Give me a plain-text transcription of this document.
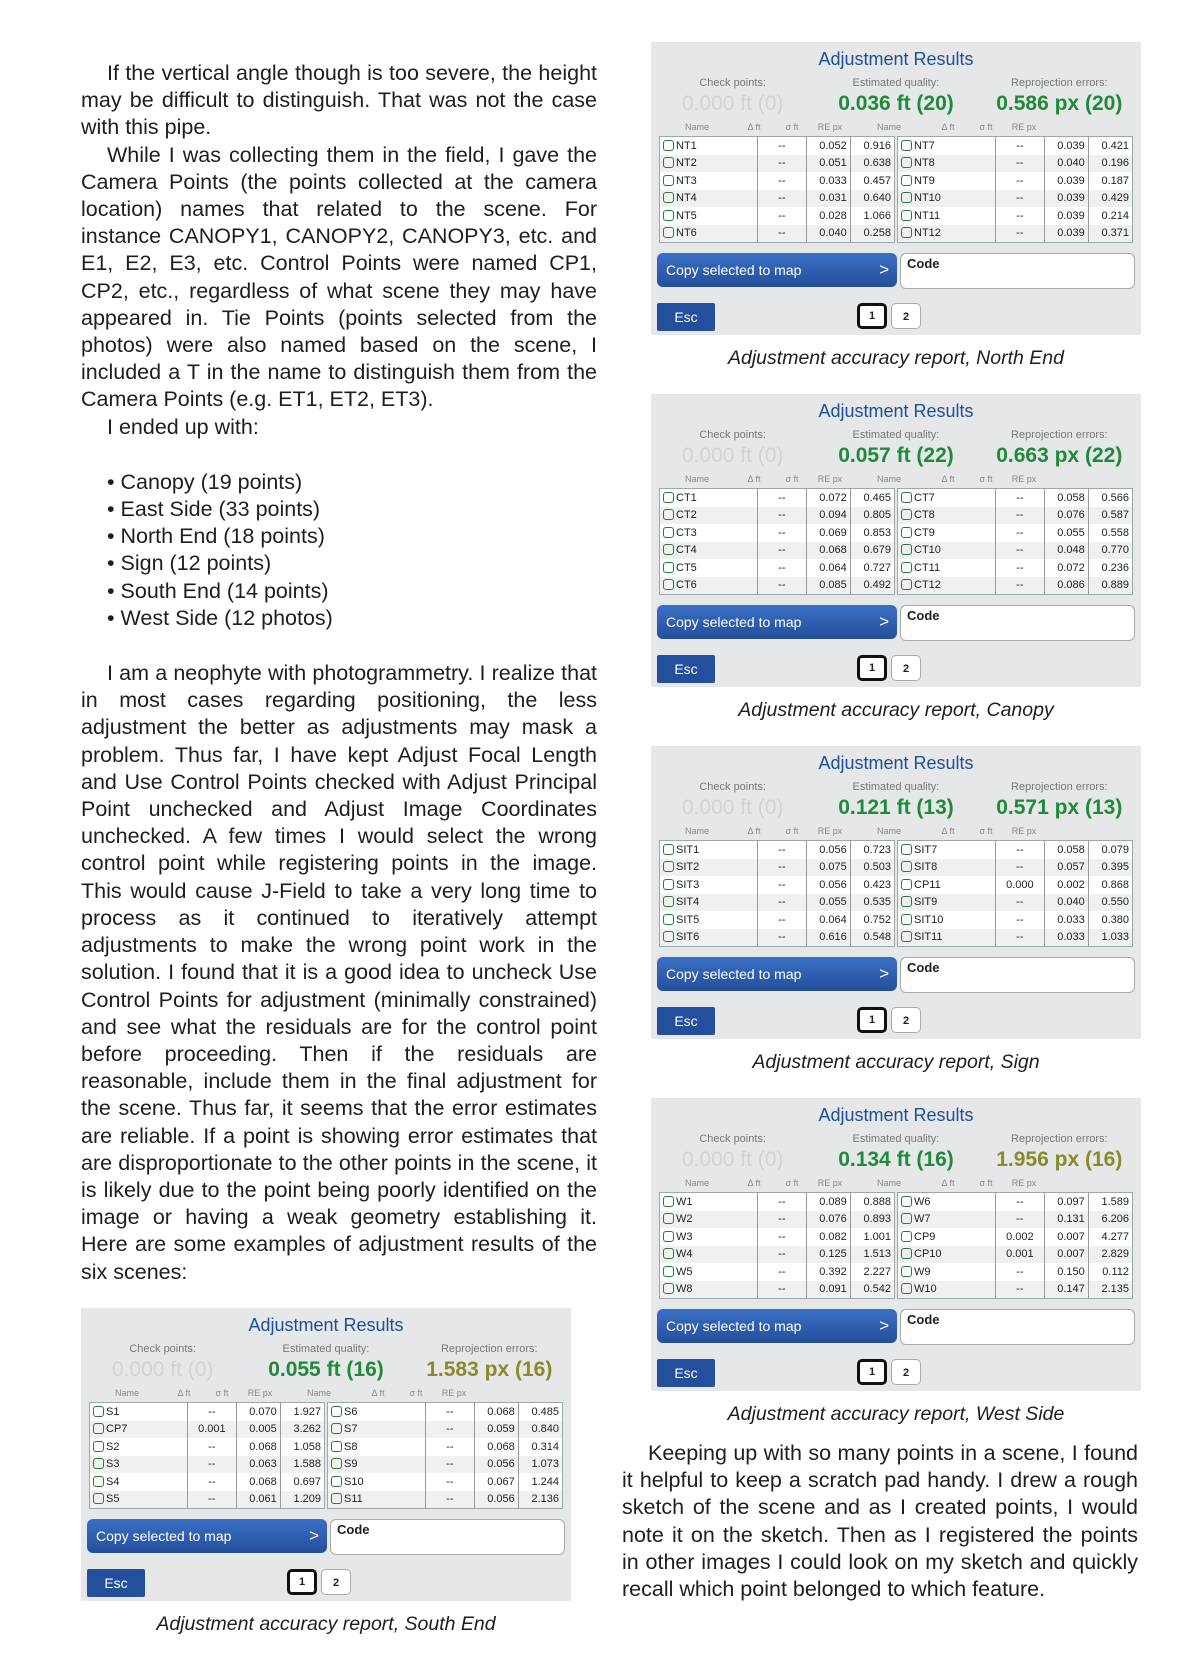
If the vertical angle though is too severe, the height may be difficult to distinguish. That was not the case with this pipe.

While I was collecting them in the field, I gave the Camera Points (the points collected at the camera location) names that related to the scene. For instance CANOPY1, CANOPY2, CANOPY3, etc. and E1, E2, E3, etc. Control Points were named CP1, CP2, etc., regardless of what scene they may have appeared in. Tie Points (points selected from the photos) were also named based on the scene, I included a T in the name to distinguish them from the Camera Points (e.g. ET1, ET2, ET3).

I ended up with:

• Canopy (19 points)
• East Side (33 points)
• North End (18 points)
• Sign (12 points)
• South End (14 points)
• West Side (12 photos)

I am a neophyte with photogrammetry. I realize that in most cases regarding positioning, the less adjustment the better as adjustments may mask a problem. Thus far, I have kept Adjust Focal Length and Use Control Points checked with Adjust Principal Point unchecked and Adjust Image Coordinates unchecked. A few times I would select the wrong control point while registering points in the image. This would cause J-Field to take a very long time to process as it continued to iteratively attempt adjustments to make the wrong point work in the solution. I found that it is a good idea to uncheck Use Control Points for adjustment (minimally constrained) and see what the residuals are for the control point before proceeding. Then if the residuals are reasonable, include them in the final adjustment for the scene. Thus far, it seems that the error estimates are reliable. If a point is showing error estimates that are disproportionate to the other points in the scene, it is likely due to the point being poorly identified on the image or having a weak geometry establishing it. Here are some examples of adjustment results of the six scenes:

Adjustment Results
Check points:
0.000 ft (0)
Estimated quality:
0.036 ft (20)
Reprojection errors:
0.586 px (20)
Name	Δ ft	σ ft	RE px	Name	Δ ft	σ ft	RE px
NT1	--	0.052	0.916
NT2	--	0.051	0.638
NT3	--	0.033	0.457
NT4	--	0.031	0.640
NT5	--	0.028	1.066
NT6	--	0.040	0.258
NT7	--	0.039	0.421
NT8	--	0.040	0.196
NT9	--	0.039	0.187
NT10	--	0.039	0.429
NT11	--	0.039	0.214
NT12	--	0.039	0.371
Copy selected to map	>	Code
Esc	1	2
Adjustment accuracy report, North End
Adjustment Results
Check points:
0.000 ft (0)
Estimated quality:
0.057 ft (22)
Reprojection errors:
0.663 px (22)
Name	Δ ft	σ ft	RE px	Name	Δ ft	σ ft	RE px
CT1	--	0.072	0.465
CT2	--	0.094	0.805
CT3	--	0.069	0.853
CT4	--	0.068	0.679
CT5	--	0.064	0.727
CT6	--	0.085	0.492
CT7	--	0.058	0.566
CT8	--	0.076	0.587
CT9	--	0.055	0.558
CT10	--	0.048	0.770
CT11	--	0.072	0.236
CT12	--	0.086	0.889
Copy selected to map	>	Code
Esc	1	2
Adjustment accuracy report, Canopy
Adjustment Results
Check points:
0.000 ft (0)
Estimated quality:
0.121 ft (13)
Reprojection errors:
0.571 px (13)
Name	Δ ft	σ ft	RE px	Name	Δ ft	σ ft	RE px
SIT1	--	0.056	0.723
SIT2	--	0.075	0.503
SIT3	--	0.056	0.423
SIT4	--	0.055	0.535
SIT5	--	0.064	0.752
SIT6	--	0.616	0.548
SIT7	--	0.058	0.079
SIT8	--	0.057	0.395
CP11	0.000	0.002	0.868
SIT9	--	0.040	0.550
SIT10	--	0.033	0.380
SIT11	--	0.033	1.033
Copy selected to map	>	Code
Esc	1	2
Adjustment accuracy report, Sign
Adjustment Results
Check points:
0.000 ft (0)
Estimated quality:
0.134 ft (16)
Reprojection errors:
1.956 px (16)
Name	Δ ft	σ ft	RE px	Name	Δ ft	σ ft	RE px
W1	--	0.089	0.888
W2	--	0.076	0.893
W3	--	0.082	1.001
W4	--	0.125	1.513
W5	--	0.392	2.227
W8	--	0.091	0.542
W6	--	0.097	1.589
W7	--	0.131	6.206
CP9	0.002	0.007	4.277
CP10	0.001	0.007	2.829
W9	--	0.150	0.112
W10	--	0.147	2.135
Copy selected to map	>	Code
Esc	1	2
Adjustment accuracy report, West Side
Adjustment Results
Check points:
0.000 ft (0)
Estimated quality:
0.055 ft (16)
Reprojection errors:
1.583 px (16)
Name	Δ ft	σ ft	RE px	Name	Δ ft	σ ft	RE px
S1	--	0.070	1.927
CP7	0.001	0.005	3.262
S2	--	0.068	1.058
S3	--	0.063	1.588
S4	--	0.068	0.697
S5	--	0.061	1.209
S6	--	0.068	0.485
S7	--	0.059	0.840
S8	--	0.068	0.314
S9	--	0.056	1.073
S10	--	0.067	1.244
S11	--	0.056	2.136
Copy selected to map	>	Code
Esc	1	2
Adjustment accuracy report, South End

Keeping up with so many points in a scene, I found it helpful to keep a scratch pad handy. I drew a rough sketch of the scene and as I created points, I would note it on the sketch. Then as I registered the points in other images I could look on my sketch and quickly recall which point belonged to which feature.
